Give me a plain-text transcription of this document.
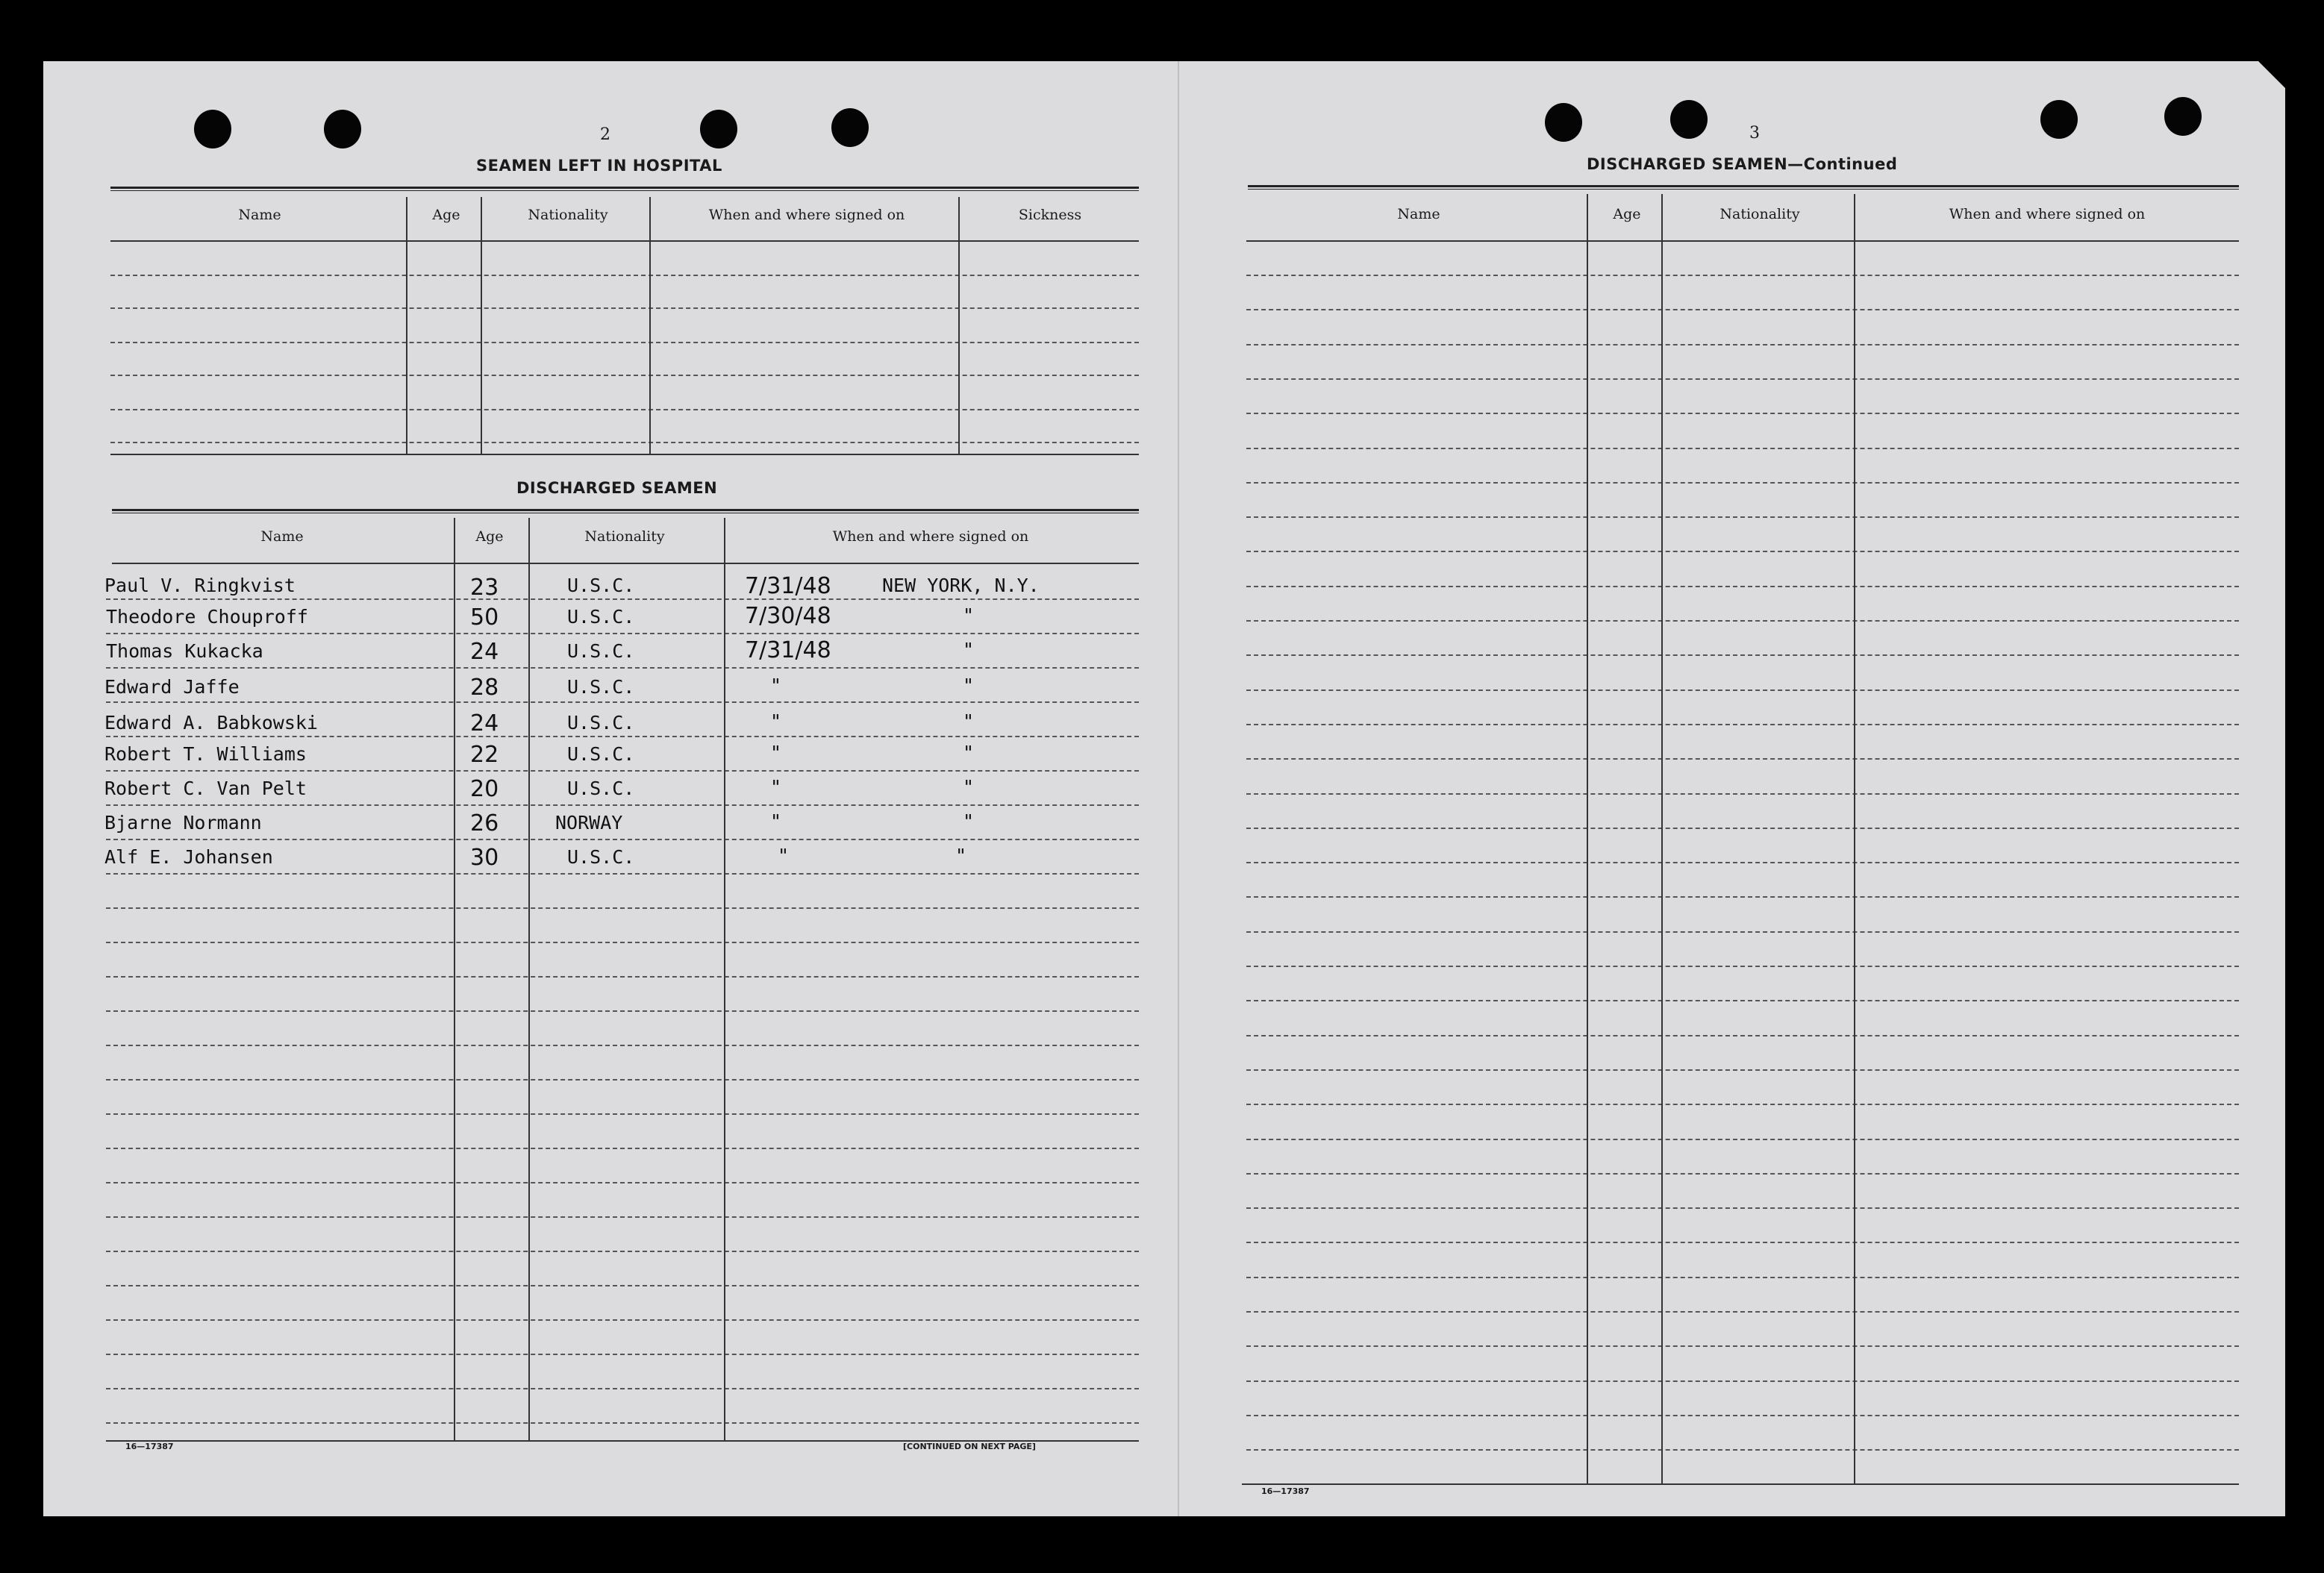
2
SEAMEN LEFT IN HOSPITAL
Name	Age	Nationality	When and where signed on	Sickness
DISCHARGED SEAMEN
Name	Age	Nationality	When and where signed on
Paul V. Ringkvist	23	U.S.C.	7/31/48	NEW YORK, N.Y.
Theodore Chouproff	50	U.S.C.	7/30/48	"
Thomas Kukacka	24	U.S.C.	7/31/48	"
Edward Jaffe	28	U.S.C.	"	"
Edward A. Babkowski	24	U.S.C.	"	"
Robert T. Williams	22	U.S.C.	"	"
Robert C. Van Pelt	20	U.S.C.	"	"
Bjarne Normann	26	NORWAY	"	"
Alf E. Johansen	30	U.S.C.	"	"
16—17387	[CONTINUED ON NEXT PAGE]
3
DISCHARGED SEAMEN—Continued
Name	Age	Nationality	When and where signed on
16—17387
